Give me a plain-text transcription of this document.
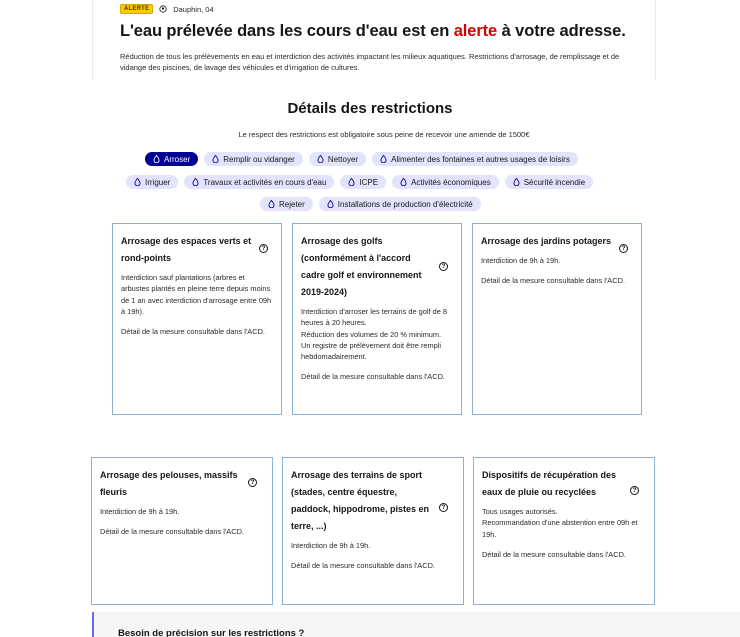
ALERTE	Dauphin, 04
L'eau prélevée dans les cours d'eau est en alerte à votre adresse.

Réduction de tous les prélèvements en eau et interdiction des activités impactant les milieux aquatiques. Restrictions d'arrosage, de remplissage et de vidange des piscines, de lavage des véhicules et d'irrigation de cultures.

Détails des restrictions
Le respect des restrictions est obligatoire sous peine de recevoir une amende de 1500€
Arroser	Remplir ou vidanger	Nettoyer	Alimenter des fontaines et autres usages de loisirs
Irriguer	Travaux et activités en cours d'eau	ICPE	Activités économiques	Sécurité incendie
Rejeter	Installations de production d'électricité
Arrosage des espaces verts et rond-points
?
Interdiction sauf plantations (arbres et arbustes plantés en pleine terre depuis moins de 1 an avec interdiction d'arrosage entre 09h à 19h).
Détail de la mesure consultable dans l'ACD.
Arrosage des golfs (conformément à l'accord cadre golf et environnement 2019-2024)
?
Interdiction d'arroser les terrains de golf de 8 heures à 20 heures.
Réduction des volumes de 20 % minimum.
Un registre de prélèvement doit être rempli hebdomadairement.
Détail de la mesure consultable dans l'ACD.
Arrosage des jardins potagers
?
Interdiction de 9h à 19h.
Détail de la mesure consultable dans l'ACD.
Arrosage des pelouses, massifs fleuris
?
Interdiction de 9h à 19h.
Détail de la mesure consultable dans l'ACD.
Arrosage des terrains de sport (stades, centre équestre, paddock, hippodrome, pistes en terre, ...)
?
Interdiction de 9h à 19h.
Détail de la mesure consultable dans l'ACD.
Dispositifs de récupération des eaux de pluie ou recyclées	?
Tous usages autorisés.
Recommandation d'une abstention entre 09h et 19h.
Détail de la mesure consultable dans l'ACD.
Besoin de précision sur les restrictions ?
